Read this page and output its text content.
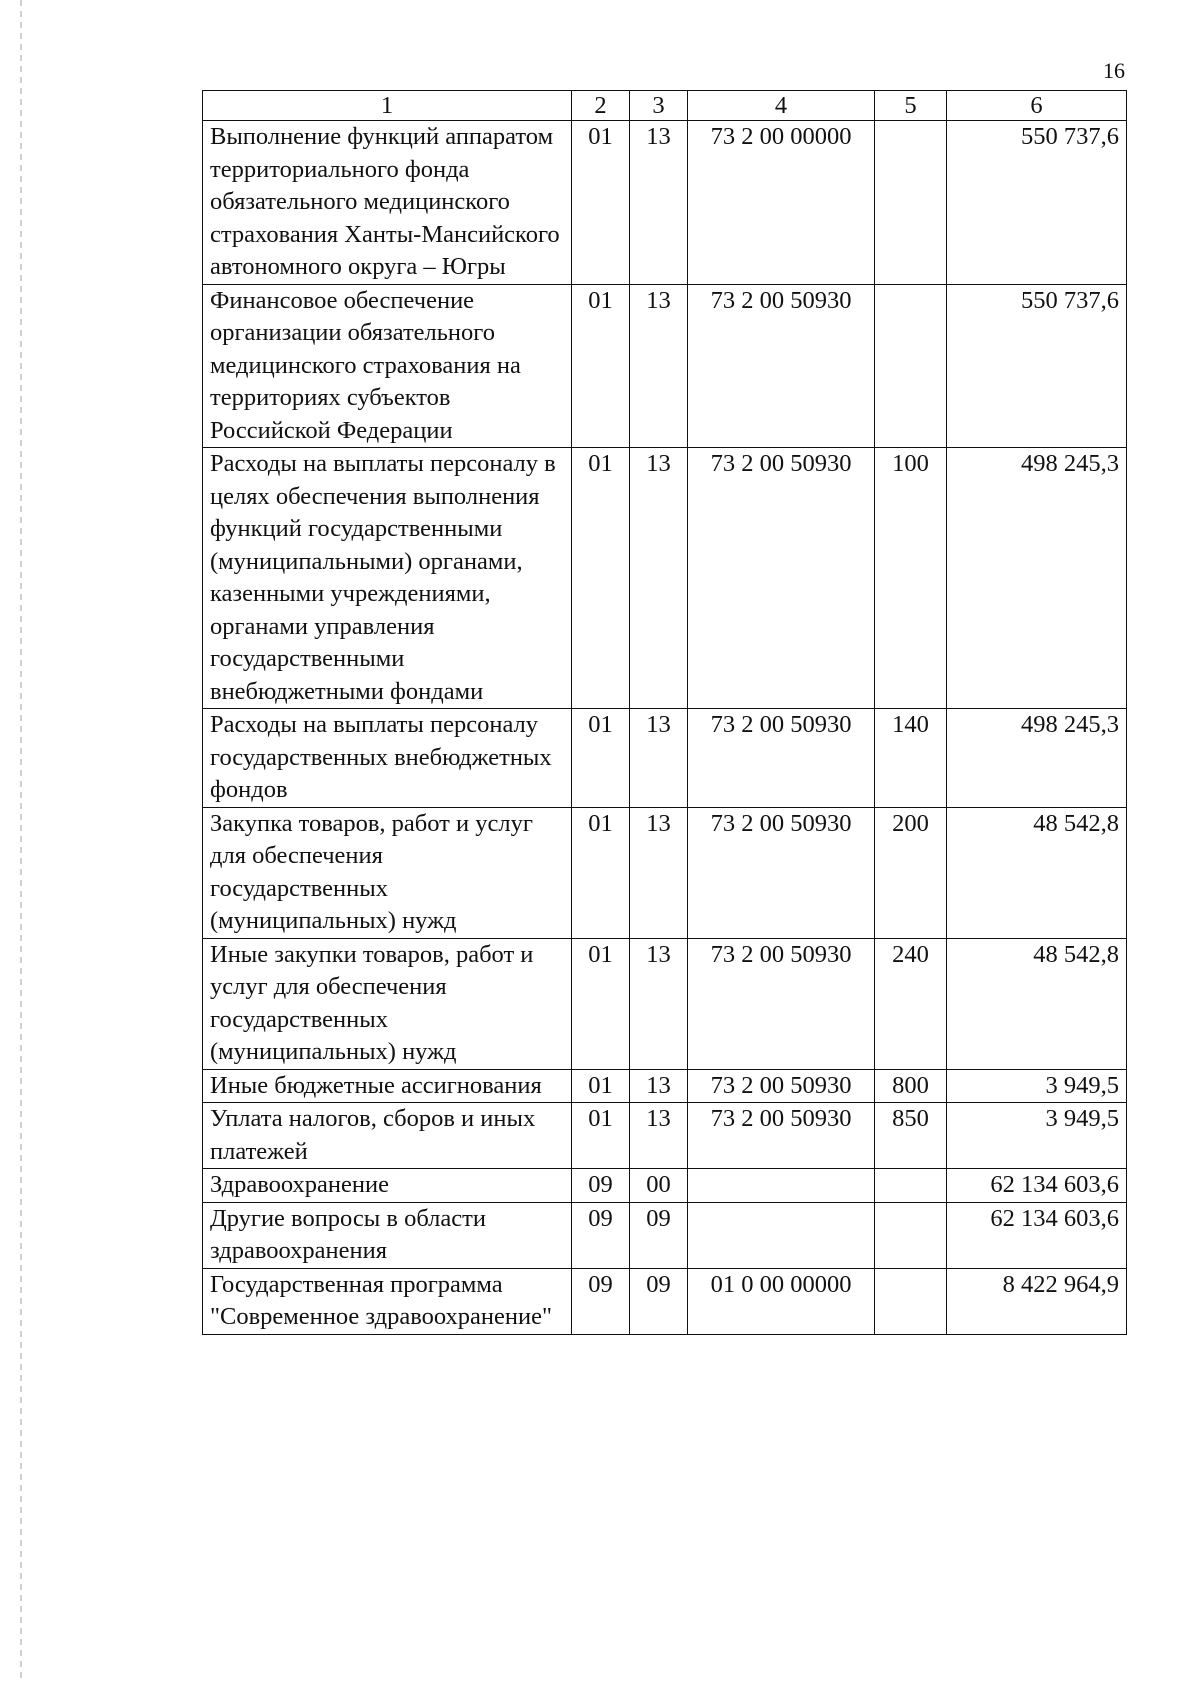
16
1	2	3	4	5	6
Выполнение функций аппаратом территориального фонда обязательного медицинского страхования Ханты-Мансийского автономного округа – Югры	01	13	73 2 00 00000		550 737,6
Финансовое обеспечение организации обязательного медицинского страхования на территориях субъектов Российской Федерации	01	13	73 2 00 50930		550 737,6
Расходы на выплаты персоналу в целях обеспечения выполнения функций государственными (муниципальными) органами, казенными учреждениями, органами управления государственными внебюджетными фондами	01	13	73 2 00 50930	100	498 245,3
Расходы на выплаты персоналу государственных внебюджетных фондов	01	13	73 2 00 50930	140	498 245,3
Закупка товаров, работ и услуг для обеспечения государственных (муниципальных) нужд	01	13	73 2 00 50930	200	48 542,8
Иные закупки товаров, работ и услуг для обеспечения государственных (муниципальных) нужд	01	13	73 2 00 50930	240	48 542,8
Иные бюджетные ассигнования	01	13	73 2 00 50930	800	3 949,5
Уплата налогов, сборов и иных платежей	01	13	73 2 00 50930	850	3 949,5
Здравоохранение	09	00			62 134 603,6
Другие вопросы в области здравоохранения	09	09			62 134 603,6
Государственная программа "Современное здравоохранение"	09	09	01 0 00 00000		8 422 964,9
